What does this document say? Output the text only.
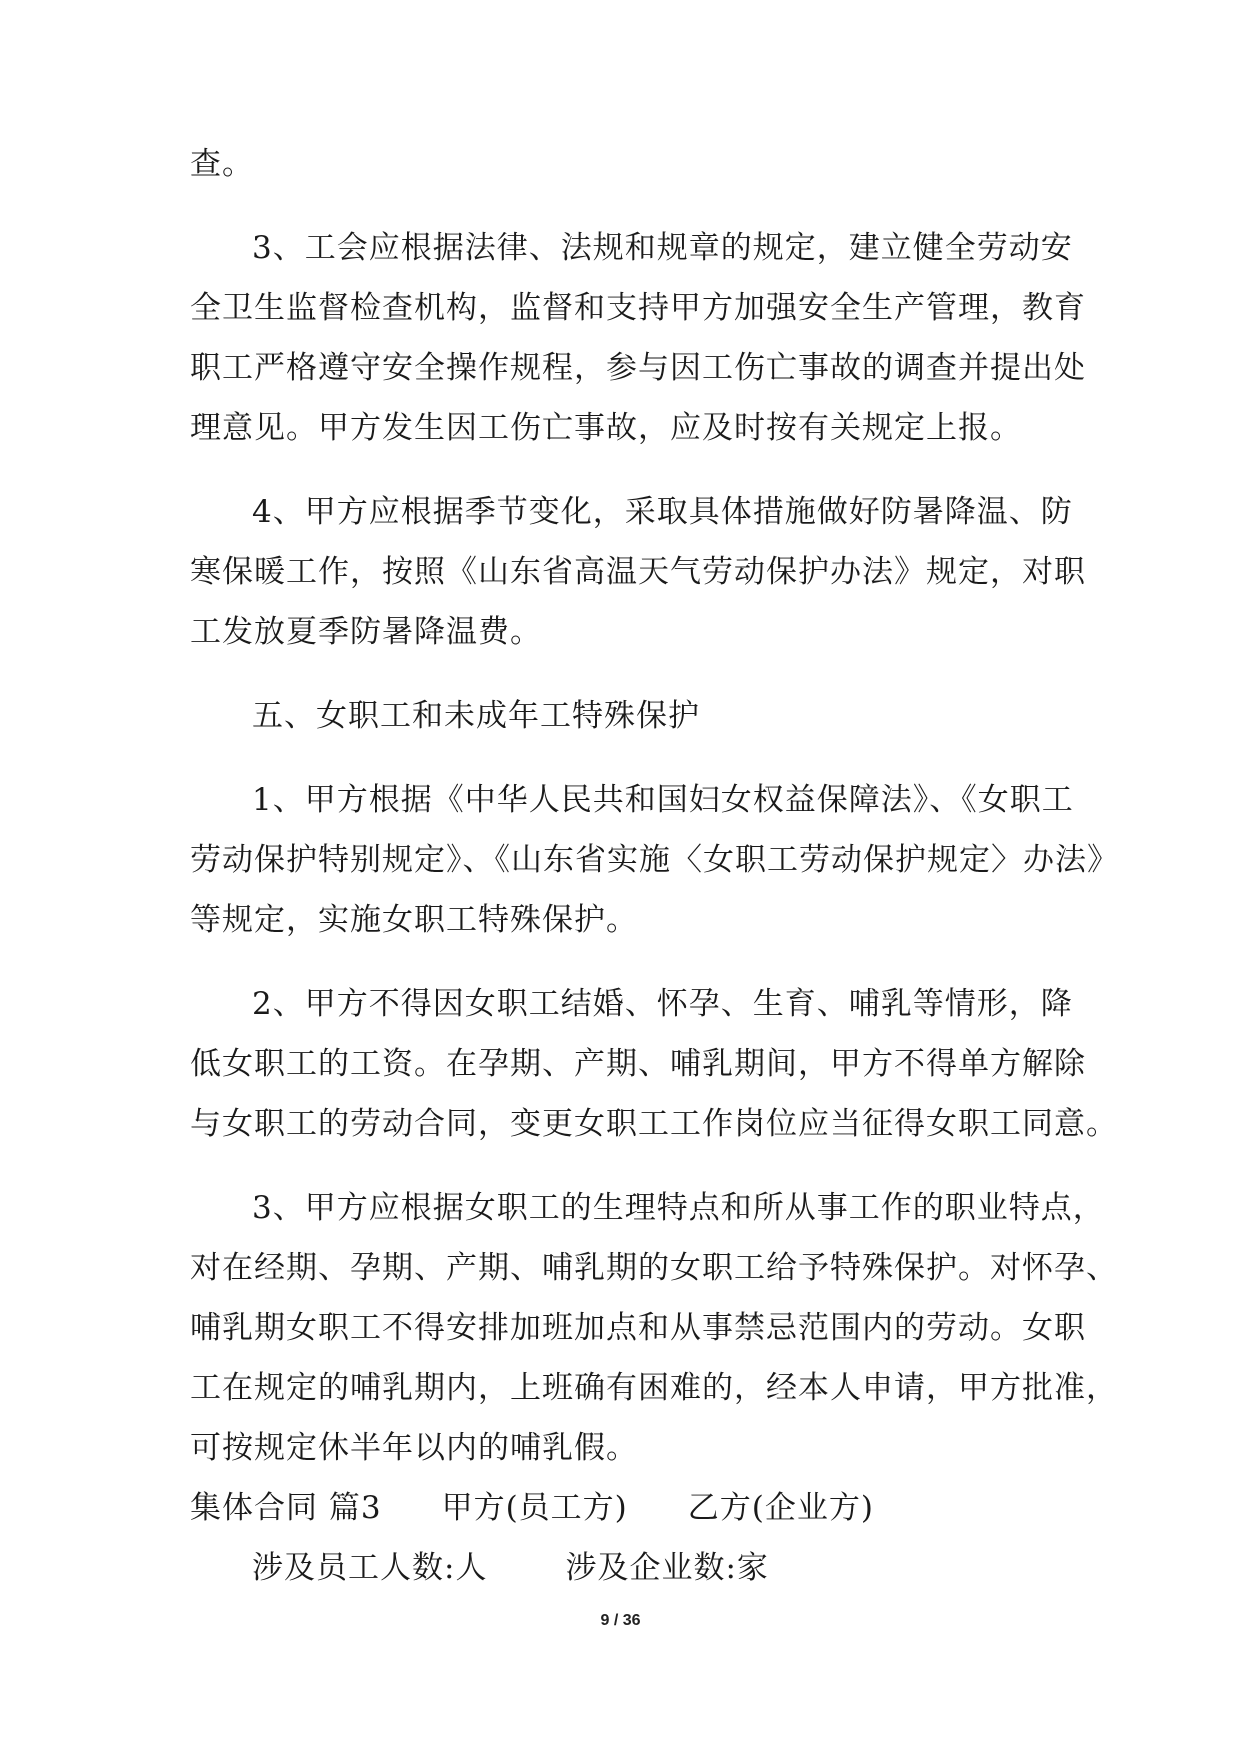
查。
3、工会应根据法律、法规和规章的规定，建立健全劳动安
全卫生监督检查机构，监督和支持甲方加强安全生产管理，教育
职工严格遵守安全操作规程，参与因工伤亡事故的调查并提出处
理意见。甲方发生因工伤亡事故，应及时按有关规定上报。
4、甲方应根据季节变化，采取具体措施做好防暑降温、防
寒保暖工作，按照《山东省高温天气劳动保护办法》规定，对职
工发放夏季防暑降温费。
五、女职工和未成年工特殊保护
1、甲方根据《中华人民共和国妇女权益保障法》、《女职工
劳动保护特别规定》、《山东省实施〈女职工劳动保护规定〉办法》
等规定，实施女职工特殊保护。
2、甲方不得因女职工结婚、怀孕、生育、哺乳等情形，降
低女职工的工资。在孕期、产期、哺乳期间，甲方不得单方解除
与女职工的劳动合同，变更女职工工作岗位应当征得女职工同意。
3、甲方应根据女职工的生理特点和所从事工作的职业特点，
对在经期、孕期、产期、哺乳期的女职工给予特殊保护。对怀孕、
哺乳期女职工不得安排加班加点和从事禁忌范围内的劳动。女职
工在规定的哺乳期内，上班确有困难的，经本人申请，甲方批准，
可按规定休半年以内的哺乳假。
集体合同 篇3 甲方(员工方) 乙方(企业方)
涉及员工人数:人	涉及企业数:家
9 / 36
